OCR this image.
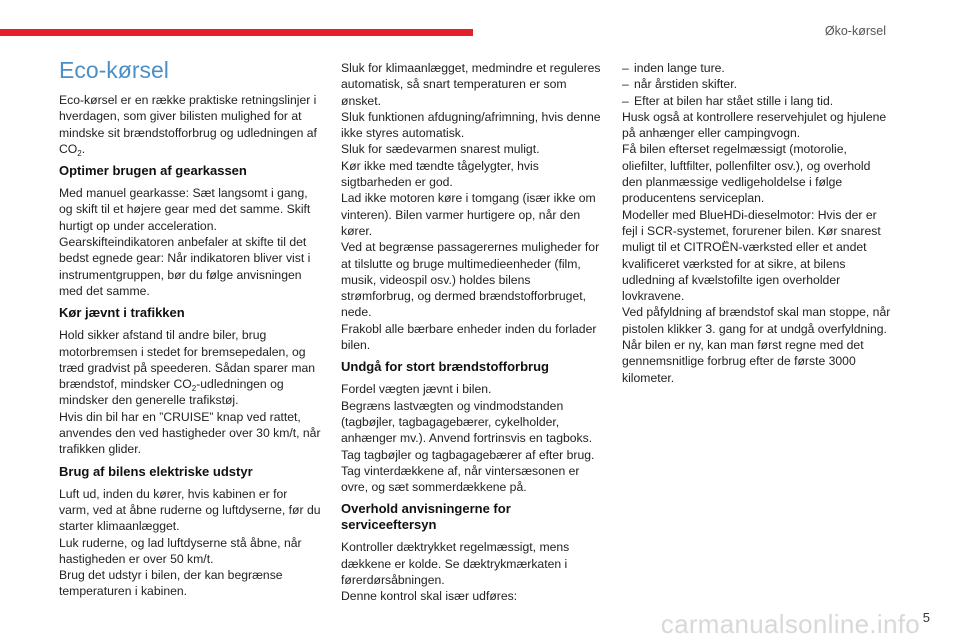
Øko-kørsel
Eco-kørsel

Eco-kørsel er en række praktiske retningslinjer i hverdagen, som giver bilisten mulighed for at mindske sit brændstofforbrug og udledningen af $CO_2$.

Optimer brugen af gearkassen

Med manuel gearkasse: Sæt langsomt i gang, og skift til et højere gear med det samme. Skift hurtigt op under acceleration.
Gearskifteindikatoren anbefaler at skifte til det bedst egnede gear: Når indikatoren bliver vist i instrumentgruppen, bør du følge anvisningen med det samme.

Kør jævnt i trafikken

Hold sikker afstand til andre biler, brug motorbremsen i stedet for bremsepedalen, og træd gradvist på speederen. Sådan sparer man brændstof, mindsker $CO_2$-udledningen og mindsker den generelle trafikstøj.
Hvis din bil har en ”CRUISE” knap ved rattet, anvendes den ved hastigheder over 30 km/t, når trafikken glider.

Brug af bilens elektriske udstyr

Luft ud, inden du kører, hvis kabinen er for varm, ved at åbne ruderne og luftdyserne, før du starter klimaanlægget.
Luk ruderne, og lad luftdyserne stå åbne, når hastigheden er over 50 km/t.
Brug det udstyr i bilen, der kan begrænse temperaturen i kabinen.

Sluk for klimaanlægget, medmindre et reguleres automatisk, så snart temperaturen er som ønsket.
Sluk funktionen afdugning/afrimning, hvis denne ikke styres automatisk.
Sluk for sædevarmen snarest muligt.
Kør ikke med tændte tågelygter, hvis sigtbarheden er god.
Lad ikke motoren køre i tomgang (især ikke om vinteren). Bilen varmer hurtigere op, når den kører.
Ved at begrænse passagerernes muligheder for at tilslutte og bruge multimedieenheder (film, musik, videospil osv.) holdes bilens strømforbrug, og dermed brændstofforbruget, nede.
Frakobl alle bærbare enheder inden du forlader bilen.

Undgå for stort brændstofforbrug

Fordel vægten jævnt i bilen.
Begræns lastvægten og vindmodstanden (tagbøjler, tagbagagebærer, cykelholder, anhænger mv.). Anvend fortrinsvis en tagboks.
Tag tagbøjler og tagbagagebærer af efter brug.
Tag vinterdækkene af, når vintersæsonen er ovre, og sæt sommerdækkene på.

Overhold anvisningerne for serviceeftersyn

Kontroller dæktrykket regelmæssigt, mens dækkene er kolde. Se dæktrykmærkaten i førerdørsåbningen.
Denne kontrol skal især udføres:

– inden lange ture.
– når årstiden skifter.
– Efter at bilen har stået stille i lang tid.

Husk også at kontrollere reservehjulet og hjulene på anhænger eller campingvogn.
Få bilen efterset regelmæssigt (motorolie, oliefilter, luftfilter, pollenfilter osv.), og overhold den planmæssige vedligeholdelse i følge producentens serviceplan.
Modeller med BlueHDi-dieselmotor: Hvis der er fejl i SCR-systemet, forurener bilen. Kør snarest muligt til et CITROËN-værksted eller et andet kvalificeret værksted for at sikre, at bilens udledning af kvælstofilte igen overholder lovkravene.
Ved påfyldning af brændstof skal man stoppe, når pistolen klikker 3. gang for at undgå overfyldning.
Når bilen er ny, kan man først regne med det gennemsnitlige forbrug efter de første 3000 kilometer.

5
carmanualsonline.info
